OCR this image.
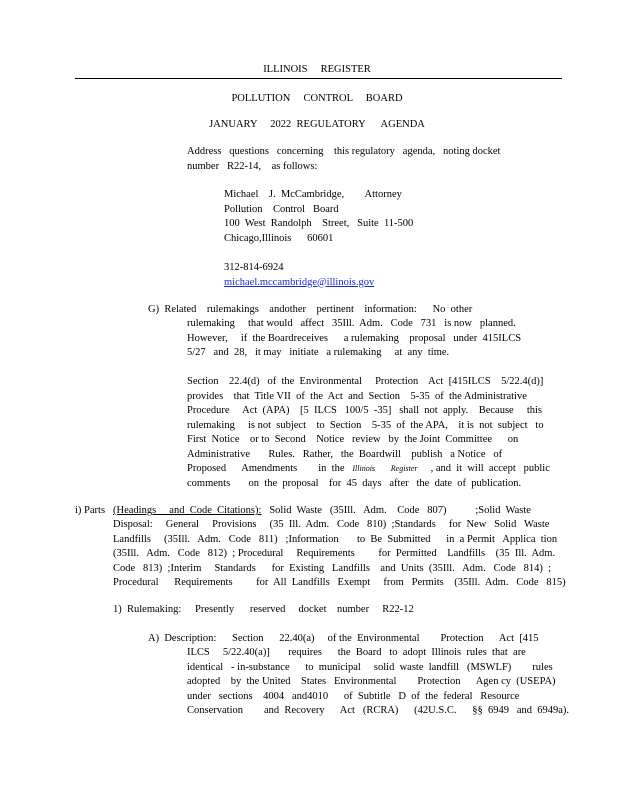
ILLINOIS     REGISTER
POLLUTION     CONTROL     BOARD
JANUARY     2022  REGULATORY      AGENDA
Address   questions   concerning    this regulatory   agenda,   noting docket
number   R22-14,    as follows:
Michael    J.  McCambridge,        Attorney
Pollution    Control   Board
100  West  Randolph    Street,   Suite  11-500
Chicago,Illinois      60601
312-814-6924
michael.mccambridge@illinois.gov
G)  Related    rulemakings    andother    pertinent    information:      No  other
rulemaking     that would   affect   35Ill.  Adm.   Code   731   is now   planned.
However,     if  the Boardreceives      a rulemaking    proposal   under  415ILCS
5/27   and  28,   it may   initiate   a rulemaking     at  any  time.
Section    22.4(d)   of  the  Environmental     Protection    Act  [415ILCS    5/22.4(d)]
provides    that  Title VII  of  the  Act  and  Section    5-35  of  the Administrative
Procedure     Act  (APA)    [5  ILCS   100/5  -35]   shall  not  apply.    Because     this
rulemaking     is not  subject    to  Section    5-35  of  the APA,    it is  not  subject   to
First  Notice    or to  Second    Notice   review   by  the Joint  Committee      on
Administrative       Rules.   Rather,   the  Boardwill    publish   a Notice   of
Proposed      Amendments        in  the Illinois Register , and  it  will  accept   public
comments       on  the  proposal    for  45  days   after   the  date  of  publication.
i) Parts (Headings     and  Code  Citations): Solid  Waste   (35Ill.   Adm.    Code   807)           ;Solid  Waste
Disposal:     General     Provisions     (35  Ill.  Adm.   Code   810)  ;Standards     for  New   Solid   Waste
Landfills     (35Ill.   Adm.   Code   811)   ;Information       to  Be  Submitted      in  a Permit   Applica  tion
(35Ill.   Adm.   Code   812)  ; Procedural     Requirements         for  Permitted    Landfills    (35  Ill.  Adm.
Code   813)  ;Interim     Standards      for  Existing   Landfills    and  Units  (35Ill.   Adm.   Code   814)  ;
Procedural      Requirements         for  All  Landfills   Exempt     from   Permits    (35Ill.  Adm.   Code   815)
1)  Rulemaking: Presently      reserved     docket    number     R22-12
A)  Description: Section      22.40(a)     of the  Environmental        Protection      Act  [415
ILCS     5/22.40(a)]       requires      the  Board   to  adopt  Illinois  rules  that  are
identical   - in-substance      to  municipal     solid  waste  landfill   (MSWLF)        rules
adopted    by  the United    States   Environmental        Protection      Agen cy  (USEPA)
under   sections    4004   and4010      of  Subtitle   D  of  the  federal   Resource
Conservation        and  Recovery      Act   (RCRA)      (42U.S.C.      §§  6949   and  6949a).
